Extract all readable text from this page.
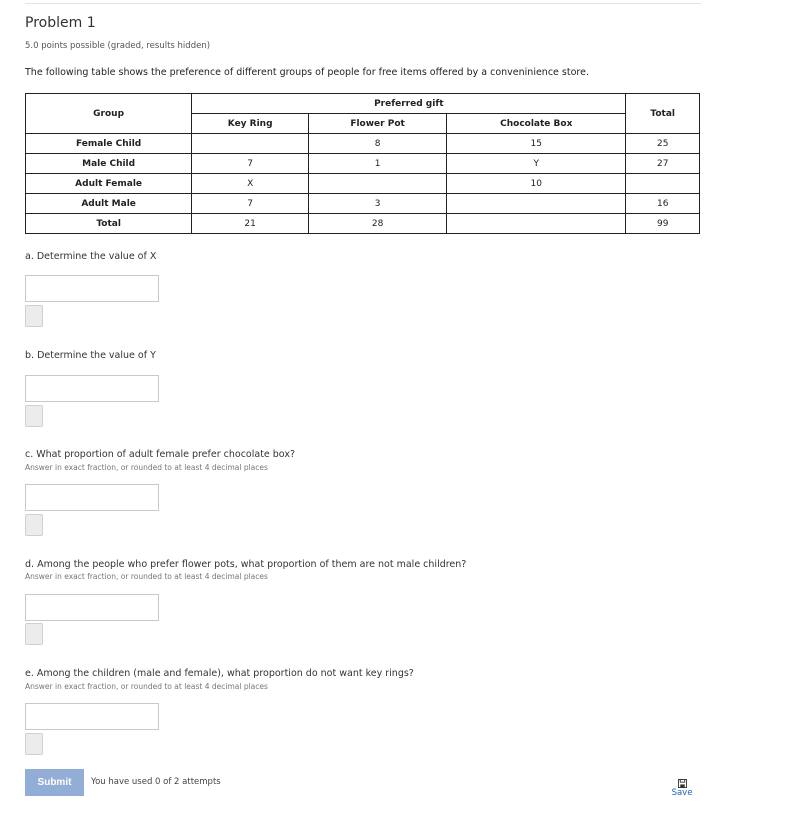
Problem 1
5.0 points possible (graded, results hidden)
The following table shows the preference of different groups of people for free items offered by a conveninience store.
Group	Preferred gift			Total
	Key Ring	Flower Pot	Chocolate Box	
Female Child		8	15	25
Male Child	7	1	Y	27
Adult Female	X		10	
Adult Male	7	3		16
Total	21	28		99
a. Determine the value of X
b. Determine the value of Y
c. What proportion of adult female prefer chocolate box?
Answer in exact fraction, or rounded to at least 4 decimal places
d. Among the people who prefer flower pots, what proportion of them are not male children?
Answer in exact fraction, or rounded to at least 4 decimal places
e. Among the children (male and female), what proportion do not want key rings?
Answer in exact fraction, or rounded to at least 4 decimal places
Submit	You have used 0 of 2 attempts
Save
